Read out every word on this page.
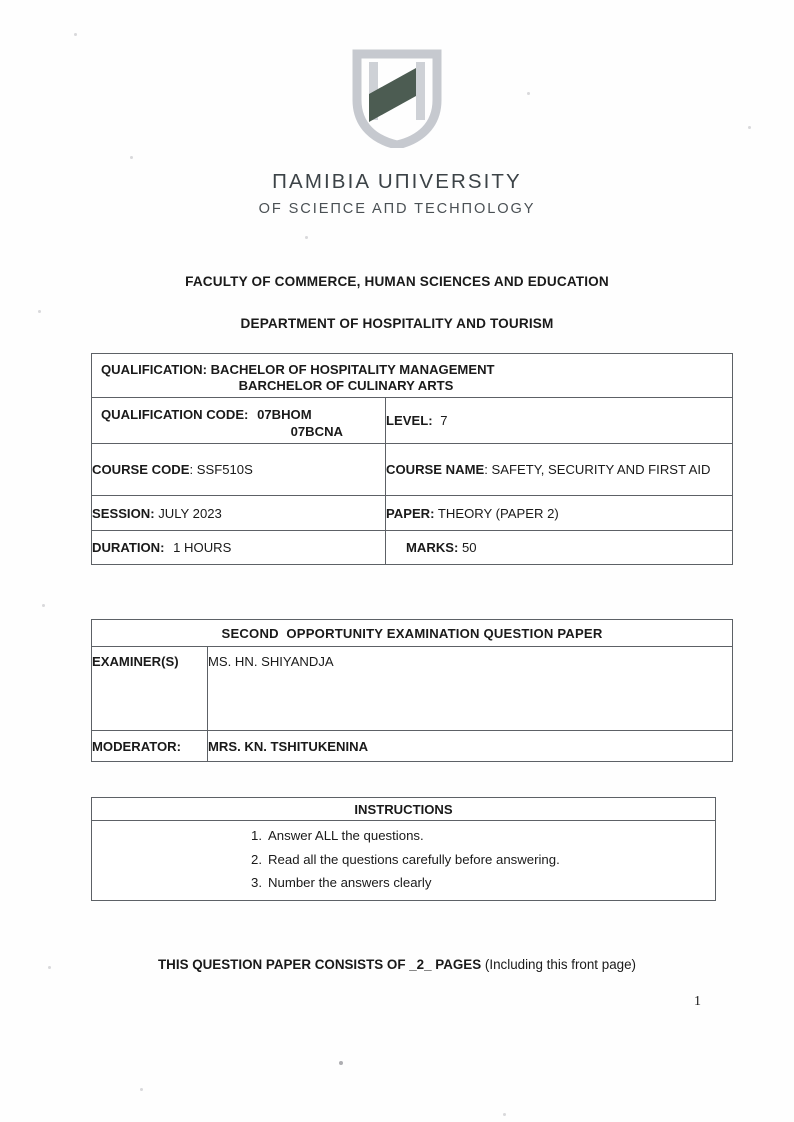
ΠAMIBIA UΠIVERSITY
OF SCIEΠCE AΠD TECHΠOLOGY
FACULTY OF COMMERCE, HUMAN SCIENCES AND EDUCATION
DEPARTMENT OF HOSPITALITY AND TOURISM
QUALIFICATION: BACHELOR OF HOSPITALITY MANAGEMENT
BARCHELOR OF CULINARY ARTS	

QUALIFICATION CODE: 07BHOM
07BCNA	LEVEL: 7
COURSE CODE: SSF510S	COURSE NAME: SAFETY, SECURITY AND FIRST AID
SESSION: JULY 2023	PAPER: THEORY (PAPER 2)
DURATION: 1 HOURS	MARKS: 50
SECOND  OPPORTUNITY EXAMINATION QUESTION PAPER	
EXAMINER(S)	MS. HN. SHIYANDJA
MODERATOR:	MRS. KN. TSHITUKENINA
INSTRUCTIONS

Answer ALL the questions.
Read all the questions carefully before answering.
Number the answers clearly
THIS QUESTION PAPER CONSISTS OF _2_ PAGES (Including this front page)
1
